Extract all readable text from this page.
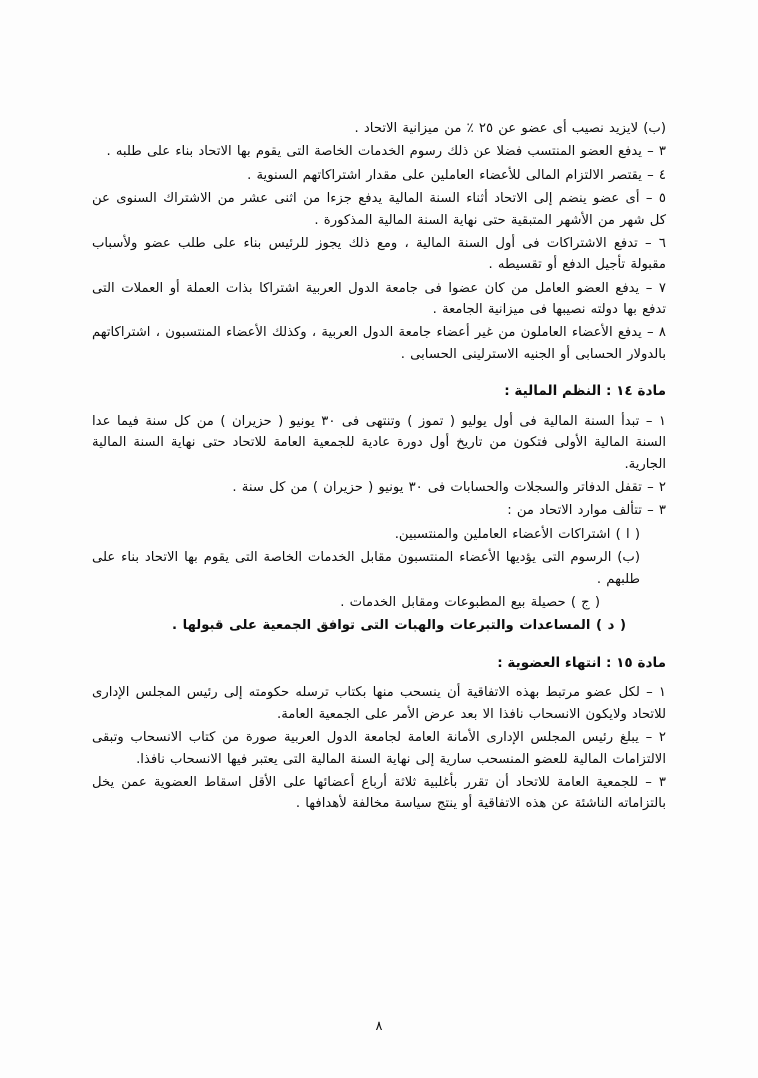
(ب) لايزيد نصيب أى عضو عن ٢٥ ٪ من ميزانية الاتحاد .

٣ – يدفع العضو المنتسب فضلا عن ذلك رسوم الخدمات الخاصة التى يقوم بها الاتحاد بناء على طلبه .

٤ – يقتصر الالتزام المالى للأعضاء العاملين على مقدار اشتراكاتهم السنوية .

٥ – أى عضو ينضم إلى الاتحاد أثناء السنة المالية يدفع جزءا من اثنى عشر من الاشتراك السنوى عن كل شهر من الأشهر المتبقية حتى نهاية السنة المالية المذكورة .

٦ – تدفع الاشتراكات فى أول السنة المالية ، ومع ذلك يجوز للرئيس بناء على طلب عضو ولأسباب مقبولة تأجيل الدفع أو تقسيطه .

٧ – يدفع العضو العامل من كان عضوا فى جامعة الدول العربية اشتراكا بذات العملة أو العملات التى تدفع بها دولته نصيبها فى ميزانية الجامعة .

٨ – يدفع الأعضاء العاملون من غير أعضاء جامعة الدول العربية ، وكذلك الأعضاء المنتسبون ، اشتراكاتهم بالدولار الحسابى أو الجنيه الاسترلينى الحسابى .

مادة ١٤ : النظم المالية :

١ – تبدأ السنة المالية فى أول يوليو ( تموز ) وتنتهى فى ٣٠ يونيو ( حزيران ) من كل سنة فيما عدا السنة المالية الأولى فتكون من تاريخ أول دورة عادية للجمعية العامة للاتحاد حتى نهاية السنة المالية الجارية.

٢ – تقفل الدفاتر والسجلات والحسابات فى ٣٠ يونيو ( حزيران ) من كل سنة .

٣ – تتألف موارد الاتحاد من :

( ا ) اشتراكات الأعضاء العاملين والمنتسبين.

(ب) الرسوم التى يؤديها الأعضاء المنتسبون مقابل الخدمات الخاصة التى يقوم بها الاتحاد بناء على طلبهم .

( ج ) حصيلة بيع المطبوعات ومقابل الخدمات .

( د ) المساعدات والتبرعات والهبات التى توافق الجمعية على قبولها .

مادة ١٥ : انتهاء العضوية :

١ – لكل عضو مرتبط بهذه الاتفاقية أن ينسحب منها بكتاب ترسله حكومته إلى رئيس المجلس الإدارى للاتحاد ولايكون الانسحاب نافذا الا بعد عرض الأمر على الجمعية العامة.

٢ – يبلغ رئيس المجلس الإدارى الأمانة العامة لجامعة الدول العربية صورة من كتاب الانسحاب وتبقى الالتزامات المالية للعضو المنسحب سارية إلى نهاية السنة المالية التى يعتبر فيها الانسحاب نافذا.

٣ – للجمعية العامة للاتحاد أن تقرر بأغلبية ثلاثة أرباع أعضائها على الأقل اسقاط العضوية عمن يخل بالتزاماته الناشئة عن هذه الاتفاقية أو ينتج سياسة مخالفة لأهدافها .

٨
